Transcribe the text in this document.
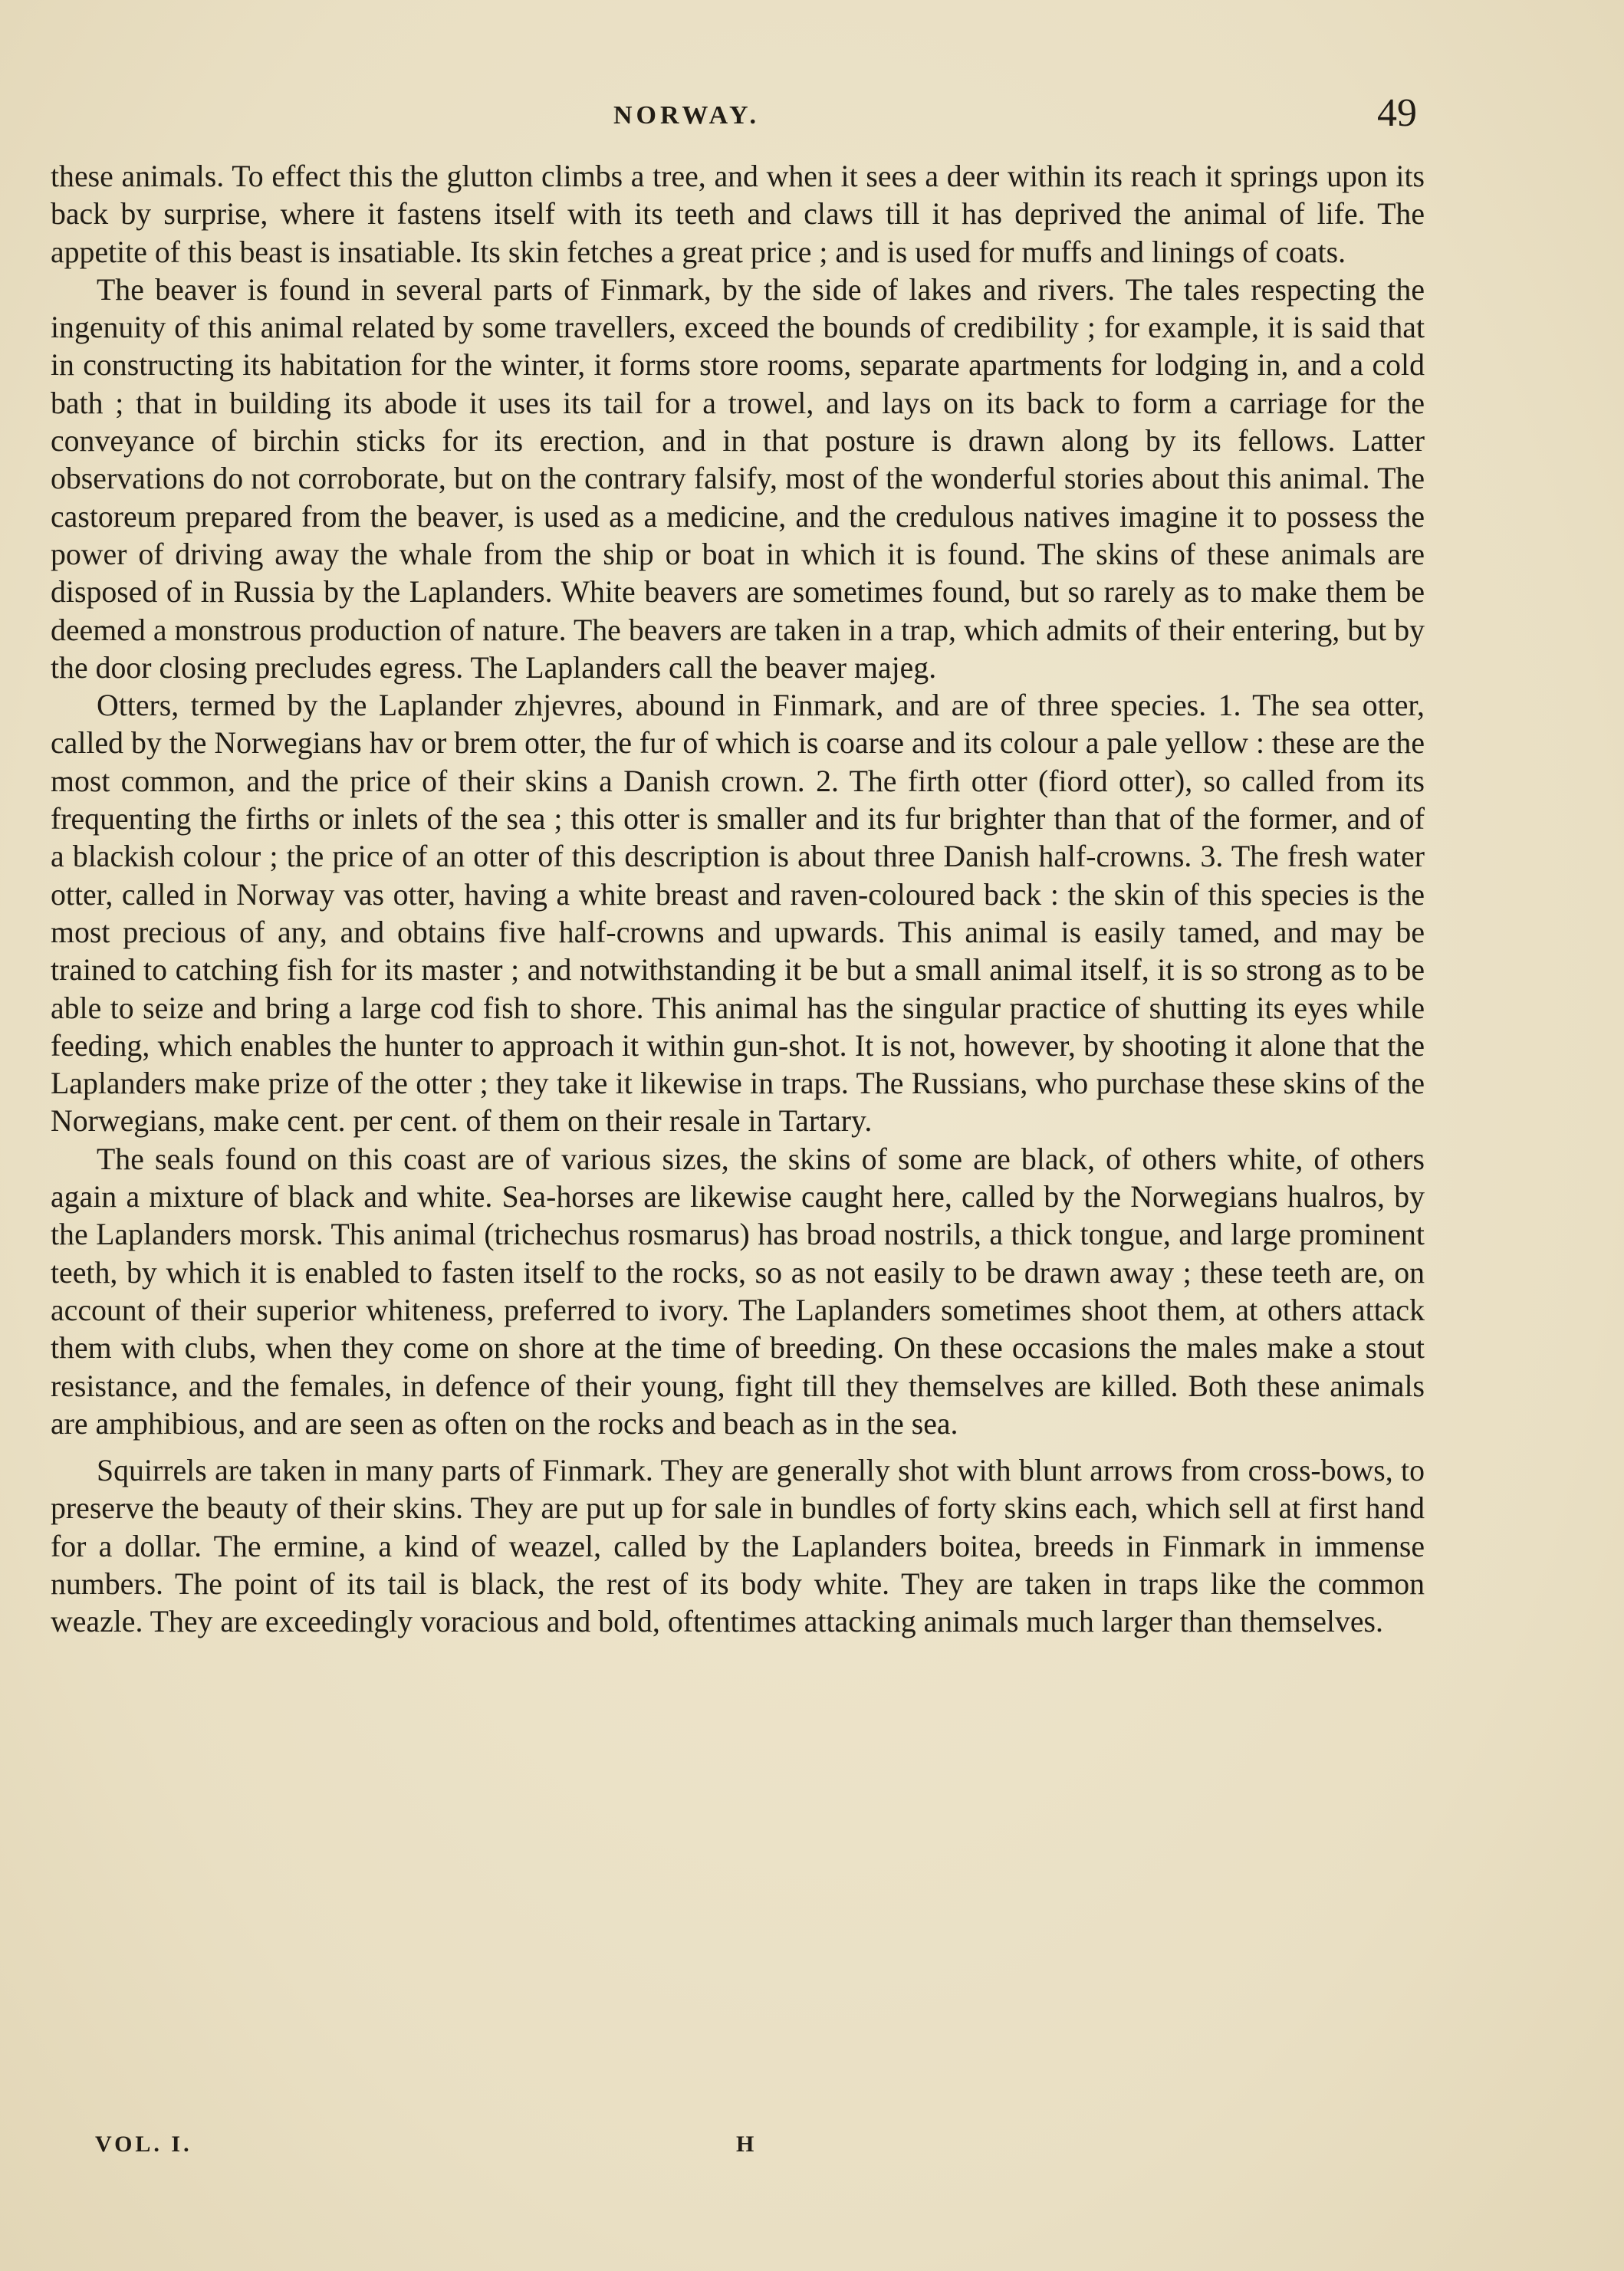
NORWAY.	49

these animals. To effect this the glutton climbs a tree, and when it sees a deer within its reach it springs upon its back by surprise, where it fastens itself with its teeth and claws till it has deprived the animal of life. The appetite of this beast is insatiable. Its skin fetches a great price ; and is used for muffs and linings of coats.

The beaver is found in several parts of Finmark, by the side of lakes and rivers. The tales respecting the ingenuity of this animal related by some travellers, exceed the bounds of credibility ; for example, it is said that in constructing its habitation for the winter, it forms store rooms, separate apartments for lodging in, and a cold bath ; that in building its abode it uses its tail for a trowel, and lays on its back to form a carriage for the conveyance of birchin sticks for its erection, and in that posture is drawn along by its fellows. Latter observations do not corroborate, but on the contrary falsify, most of the wonderful stories about this animal. The castoreum prepared from the beaver, is used as a medicine, and the credulous natives imagine it to possess the power of driving away the whale from the ship or boat in which it is found. The skins of these animals are disposed of in Russia by the Laplanders. White beavers are sometimes found, but so rarely as to make them be deemed a monstrous production of nature. The beavers are taken in a trap, which admits of their entering, but by the door closing precludes egress. The Laplanders call the beaver majeg.

Otters, termed by the Laplander zhjevres, abound in Finmark, and are of three species. 1. The sea otter, called by the Norwegians hav or brem otter, the fur of which is coarse and its colour a pale yellow : these are the most common, and the price of their skins a Danish crown. 2. The firth otter (fiord otter), so called from its frequenting the firths or inlets of the sea ; this otter is smaller and its fur brighter than that of the former, and of a blackish colour ; the price of an otter of this description is about three Danish half-crowns. 3. The fresh water otter, called in Norway vas otter, having a white breast and raven-coloured back : the skin of this species is the most precious of any, and obtains five half-crowns and upwards. This animal is easily tamed, and may be trained to catching fish for its master ; and notwithstanding it be but a small animal itself, it is so strong as to be able to seize and bring a large cod fish to shore. This animal has the singular practice of shutting its eyes while feeding, which enables the hunter to approach it within gun-shot. It is not, however, by shooting it alone that the Laplanders make prize of the otter ; they take it likewise in traps. The Russians, who purchase these skins of the Norwegians, make cent. per cent. of them on their resale in Tartary.

The seals found on this coast are of various sizes, the skins of some are black, of others white, of others again a mixture of black and white. Sea-horses are likewise caught here, called by the Norwegians hualros, by the Laplanders morsk. This animal (trichechus rosmarus) has broad nostrils, a thick tongue, and large prominent teeth, by which it is enabled to fasten itself to the rocks, so as not easily to be drawn away ; these teeth are, on account of their superior whiteness, preferred to ivory. The Laplanders sometimes shoot them, at others attack them with clubs, when they come on shore at the time of breeding. On these occasions the males make a stout resistance, and the females, in defence of their young, fight till they themselves are killed. Both these animals are amphibious, and are seen as often on the rocks and beach as in the sea.

Squirrels are taken in many parts of Finmark. They are generally shot with blunt arrows from cross-bows, to preserve the beauty of their skins. They are put up for sale in bundles of forty skins each, which sell at first hand for a dollar. The ermine, a kind of weazel, called by the Laplanders boitea, breeds in Finmark in immense numbers. The point of its tail is black, the rest of its body white. They are taken in traps like the common weazle. They are exceedingly voracious and bold, oftentimes attacking animals much larger than themselves.

VOL. I.	H
